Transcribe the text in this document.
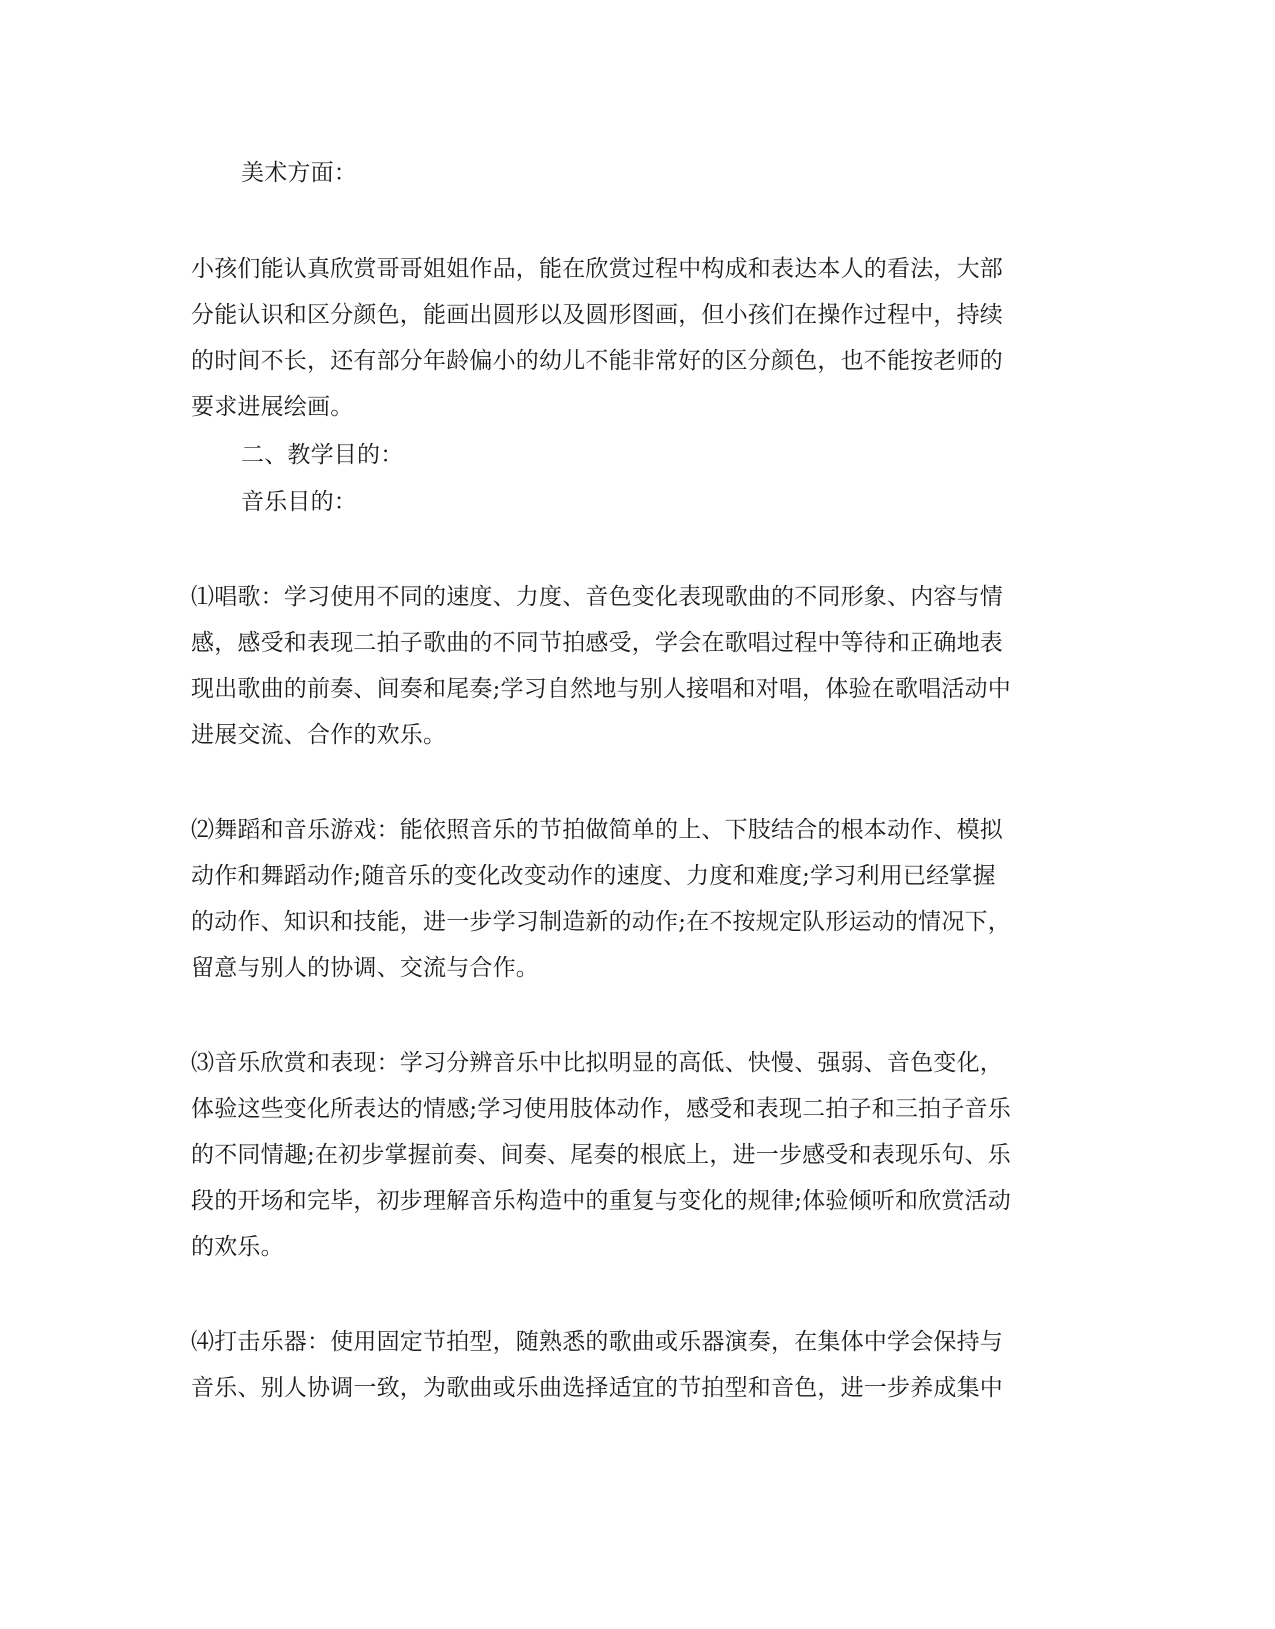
美术方面：
小孩们能认真欣赏哥哥姐姐作品，能在欣赏过程中构成和表达本人的看法，大部
分能认识和区分颜色，能画出圆形以及圆形图画，但小孩们在操作过程中，持续
的时间不长，还有部分年龄偏小的幼儿不能非常好的区分颜色，也不能按老师的
要求进展绘画。
二、教学目的：
音乐目的：
⑴唱歌：学习使用不同的速度、力度、音色变化表现歌曲的不同形象、内容与情
感，感受和表现二拍子歌曲的不同节拍感受，学会在歌唱过程中等待和正确地表
现出歌曲的前奏、间奏和尾奏;学习自然地与别人接唱和对唱，体验在歌唱活动中
进展交流、合作的欢乐。
⑵舞蹈和音乐游戏：能依照音乐的节拍做简单的上、下肢结合的根本动作、模拟
动作和舞蹈动作;随音乐的变化改变动作的速度、力度和难度;学习利用已经掌握
的动作、知识和技能，进一步学习制造新的动作;在不按规定队形运动的情况下，
留意与别人的协调、交流与合作。
⑶音乐欣赏和表现：学习分辨音乐中比拟明显的高低、快慢、强弱、音色变化，
体验这些变化所表达的情感;学习使用肢体动作，感受和表现二拍子和三拍子音乐
的不同情趣;在初步掌握前奏、间奏、尾奏的根底上，进一步感受和表现乐句、乐
段的开场和完毕，初步理解音乐构造中的重复与变化的规律;体验倾听和欣赏活动
的欢乐。
⑷打击乐器：使用固定节拍型，随熟悉的歌曲或乐器演奏，在集体中学会保持与
音乐、别人协调一致，为歌曲或乐曲选择适宜的节拍型和音色，进一步养成集中
